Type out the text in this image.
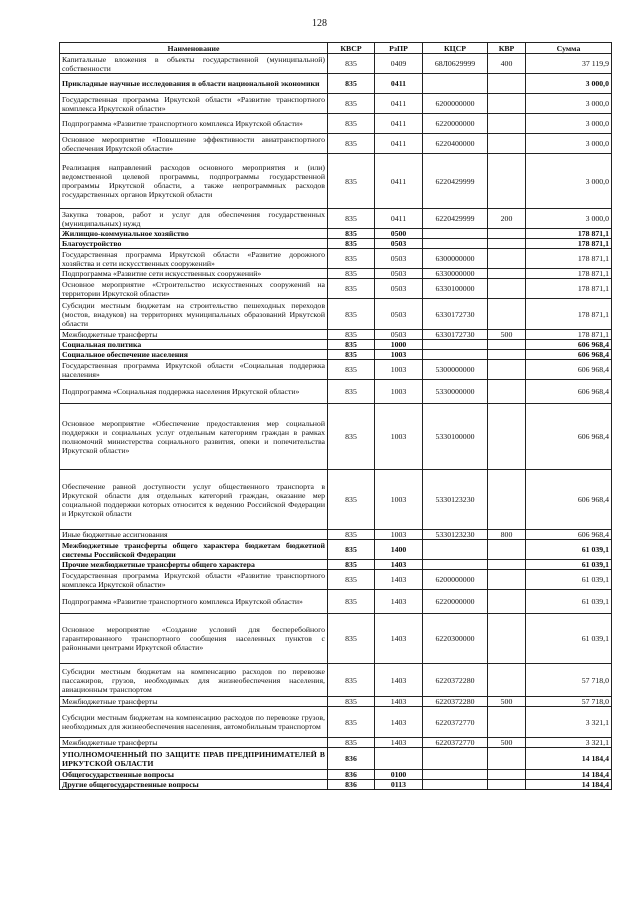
128
Наименование	КВСР	РзПР	КЦСР	КВР	Сумма
Капитальные вложения в объекты государственной (муниципальной) собственности	835	0409	68Л0629999	400	37 119,9
Прикладные научные исследования в области национальной экономики	835	0411			3 000,0
Государственная программа Иркутской области «Развитие транспортного комплекса Иркутской области»	835	0411	6200000000		3 000,0
Подпрограмма «Развитие транспортного комплекса Иркутской области»	835	0411	6220000000		3 000,0
Основное мероприятие «Повышение эффективности авиатранспортного обеспечения Иркутской области»	835	0411	6220400000		3 000,0
Реализация направлений расходов основного мероприятия и (или) ведомственной целевой программы, подпрограммы государственной программы Иркутской области, а также непрограммных расходов государственных органов Иркутской области	835	0411	6220429999		3 000,0
Закупка товаров, работ и услуг для обеспечения государственных (муниципальных) нужд	835	0411	6220429999	200	3 000,0
Жилищно-коммунальное хозяйство	835	0500			178 871,1
Благоустройство	835	0503			178 871,1
Государственная программа Иркутской области «Развитие дорожного хозяйства и сети искусственных сооружений»	835	0503	6300000000		178 871,1
Подпрограмма «Развитие сети искусственных сооружений»	835	0503	6330000000		178 871,1
Основное мероприятие «Строительство искусственных сооружений на территории Иркутской области»	835	0503	6330100000		178 871,1
Субсидии местным бюджетам на строительство пешеходных переходов (мостов, виадуков) на территориях муниципальных образований Иркутской области	835	0503	6330172730		178 871,1
Межбюджетные трансферты	835	0503	6330172730	500	178 871,1
Социальная политика	835	1000			606 968,4
Социальное обеспечение населения	835	1003			606 968,4
Государственная программа Иркутской области «Социальная поддержка населения»	835	1003	5300000000		606 968,4
Подпрограмма «Социальная поддержка населения Иркутской области»	835	1003	5330000000		606 968,4
Основное мероприятие «Обеспечение предоставления мер социальной поддержки и социальных услуг отдельным категориям граждан в рамках полномочий министерства социального развития, опеки и попечительства Иркутской области»	835	1003	5330100000		606 968,4
Обеспечение равной доступности услуг общественного транспорта в Иркутской области для отдельных категорий граждан, оказание мер социальной поддержки которых относится к ведению Российской Федерации и Иркутской области	835	1003	5330123230		606 968,4
Иные бюджетные ассигнования	835	1003	5330123230	800	606 968,4
Межбюджетные трансферты общего характера бюджетам бюджетной системы Российской Федерации	835	1400			61 039,1
Прочие межбюджетные трансферты общего характера	835	1403			61 039,1
Государственная программа Иркутской области «Развитие транспортного комплекса Иркутской области»	835	1403	6200000000		61 039,1
Подпрограмма «Развитие транспортного комплекса Иркутской области»	835	1403	6220000000		61 039,1
Основное мероприятие «Создание условий для бесперебойного гарантированного транспортного сообщения населенных пунктов с районными центрами Иркутской области»	835	1403	6220300000		61 039,1
Субсидии местным бюджетам на компенсацию расходов по перевозке пассажиров, грузов, необходимых для жизнеобеспечения населения, авиационным транспортом	835	1403	6220372280		57 718,0
Межбюджетные трансферты	835	1403	6220372280	500	57 718,0
Субсидии местным бюджетам на компенсацию расходов по перевозке грузов, необходимых для жизнеобеспечения населения, автомобильным транспортом	835	1403	6220372770		3 321,1
Межбюджетные трансферты	835	1403	6220372770	500	3 321,1
УПОЛНОМОЧЕННЫЙ ПО ЗАЩИТЕ ПРАВ ПРЕДПРИНИМАТЕЛЕЙ В ИРКУТСКОЙ ОБЛАСТИ	836				14 184,4
Общегосударственные вопросы	836	0100			14 184,4
Другие общегосударственные вопросы	836	0113			14 184,4
